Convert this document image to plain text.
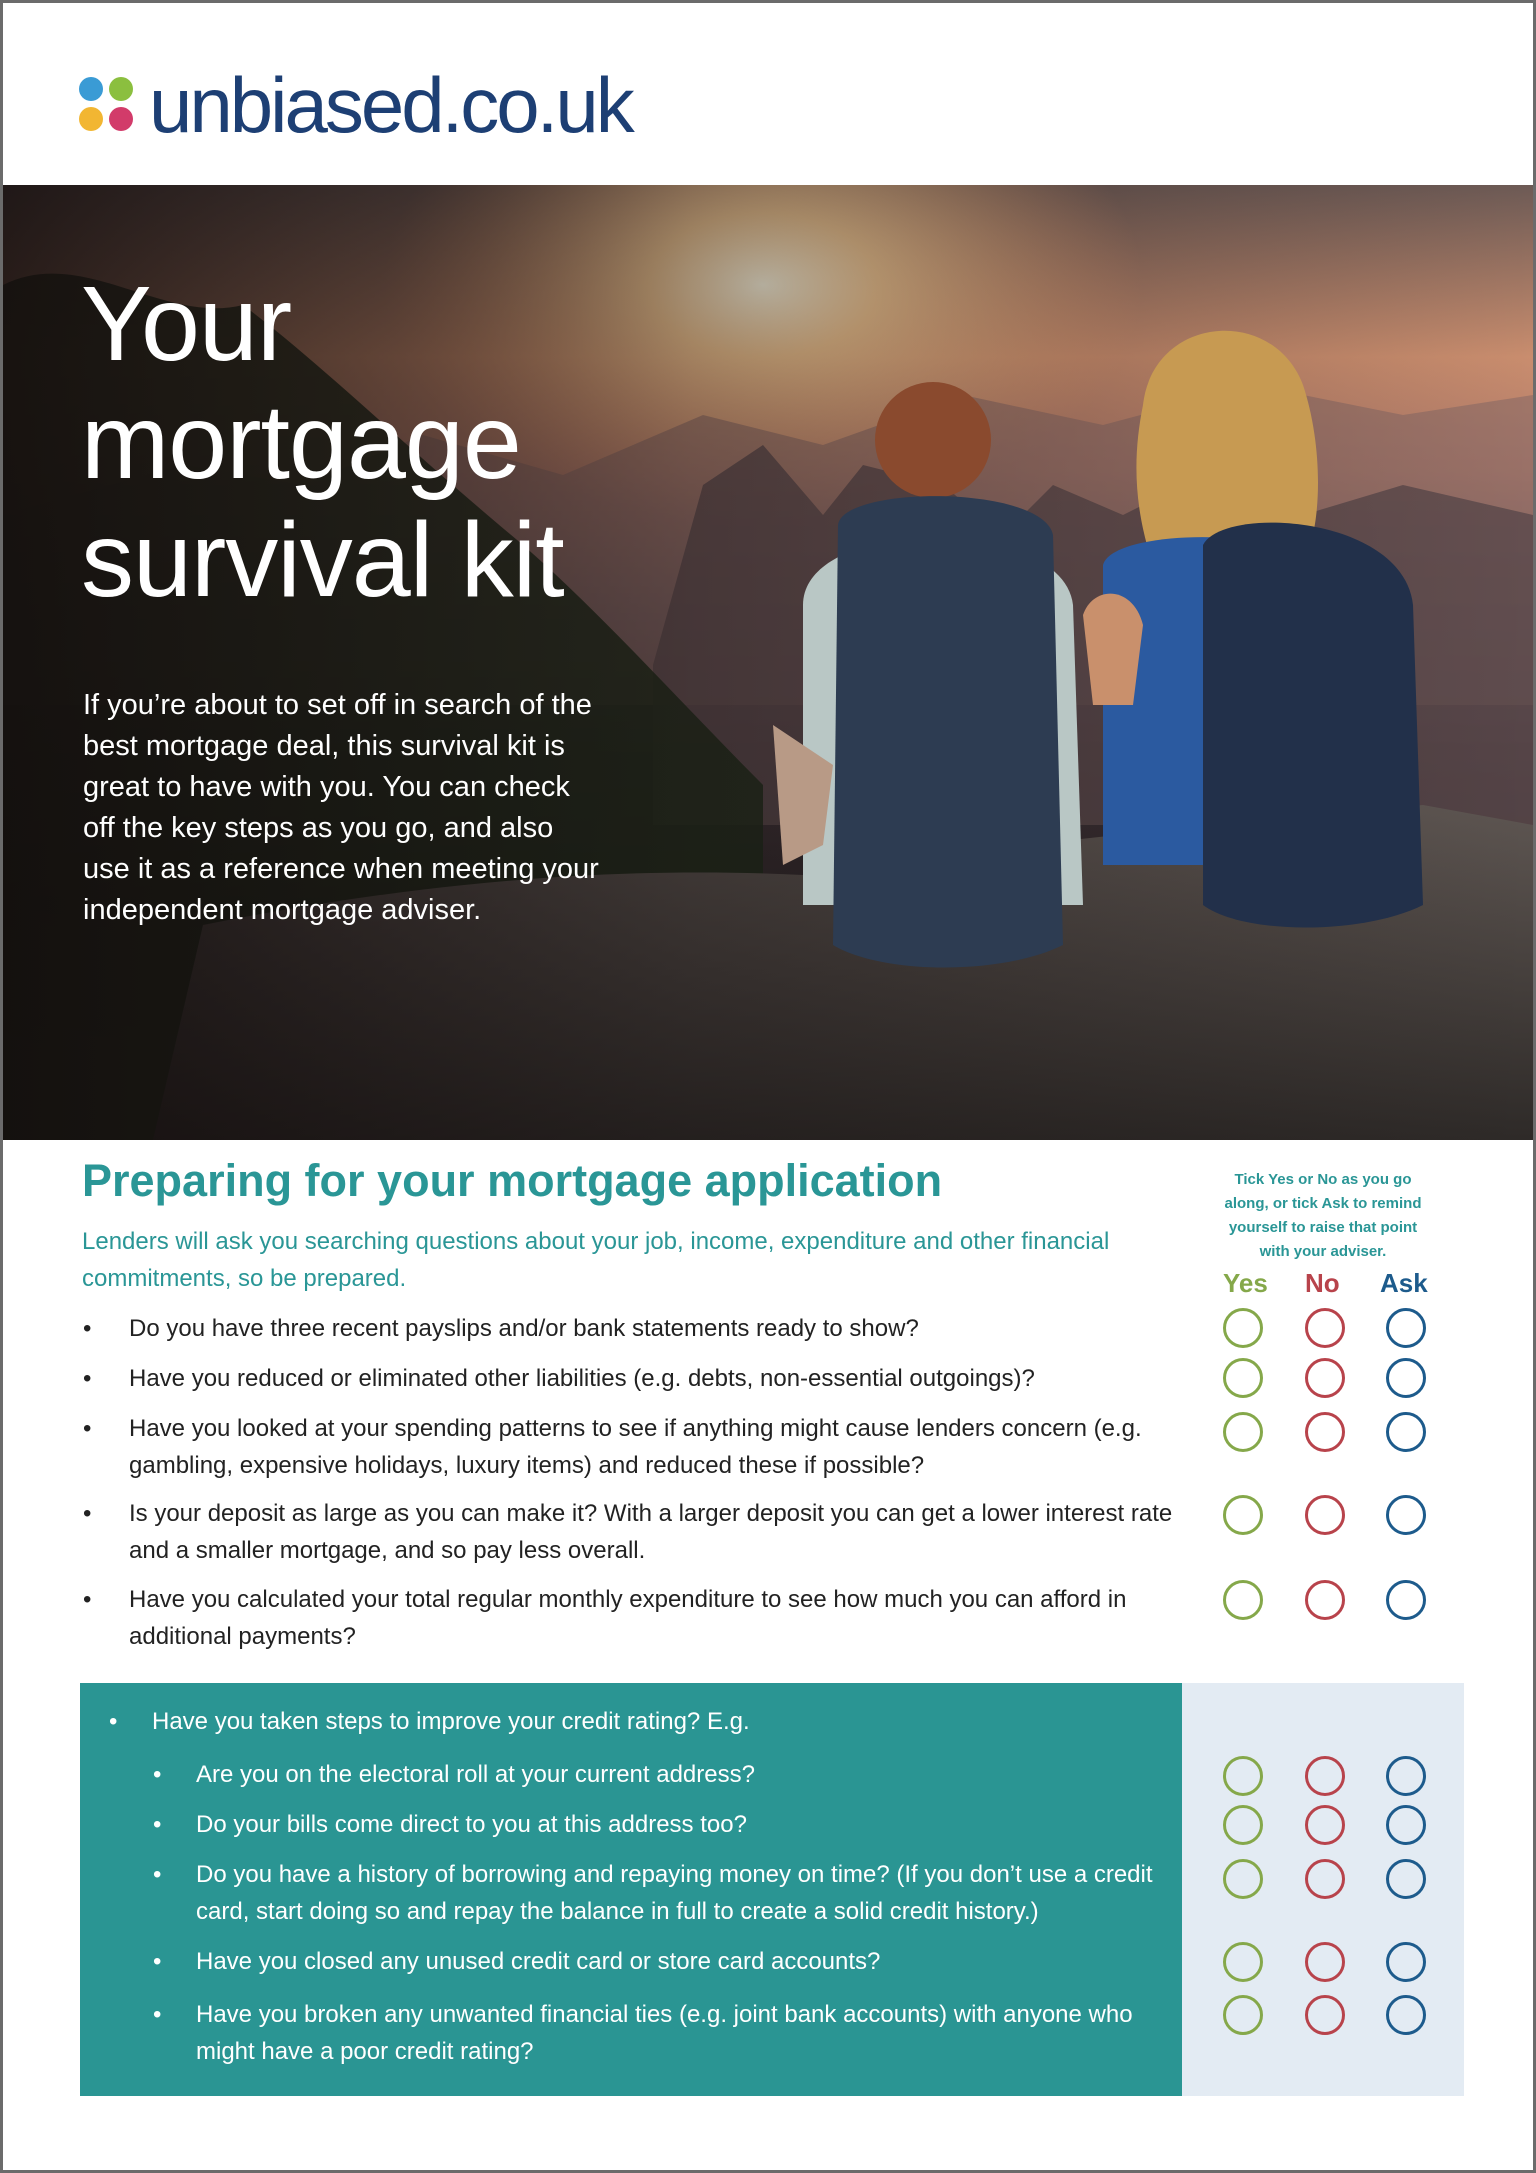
unbiased.co.uk
Your
mortgage
survival kit
If you’re about to set off in search of the best mortgage deal, this survival kit is great to have with you. You can check off the key steps as you go, and also use it as a reference when meeting your independent mortgage adviser.
Preparing for your mortgage application
Lenders will ask you searching questions about your job, income, expenditure and other financial commitments, so be prepared.
Tick Yes or No as you go along, or tick Ask to remind yourself to raise that point with your adviser.
Yes No Ask
• Do you have three recent payslips and/or bank statements ready to show?
• Have you reduced or eliminated other liabilities (e.g. debts, non-essential outgoings)?
• Have you looked at your spending patterns to see if anything might cause lenders concern (e.g. gambling, expensive holidays, luxury items) and reduced these if possible?
• Is your deposit as large as you can make it? With a larger deposit you can get a lower interest rate and a smaller mortgage, and so pay less overall.
• Have you calculated your total regular monthly expenditure to see how much you can afford in additional payments?
• Have you taken steps to improve your credit rating? E.g.
• Are you on the electoral roll at your current address?
• Do your bills come direct to you at this address too?
• Do you have a history of borrowing and repaying money on time? (If you don’t use a credit card, start doing so and repay the balance in full to create a solid credit history.)
• Have you closed any unused credit card or store card accounts?
• Have you broken any unwanted financial ties (e.g. joint bank accounts) with anyone who might have a poor credit rating?
